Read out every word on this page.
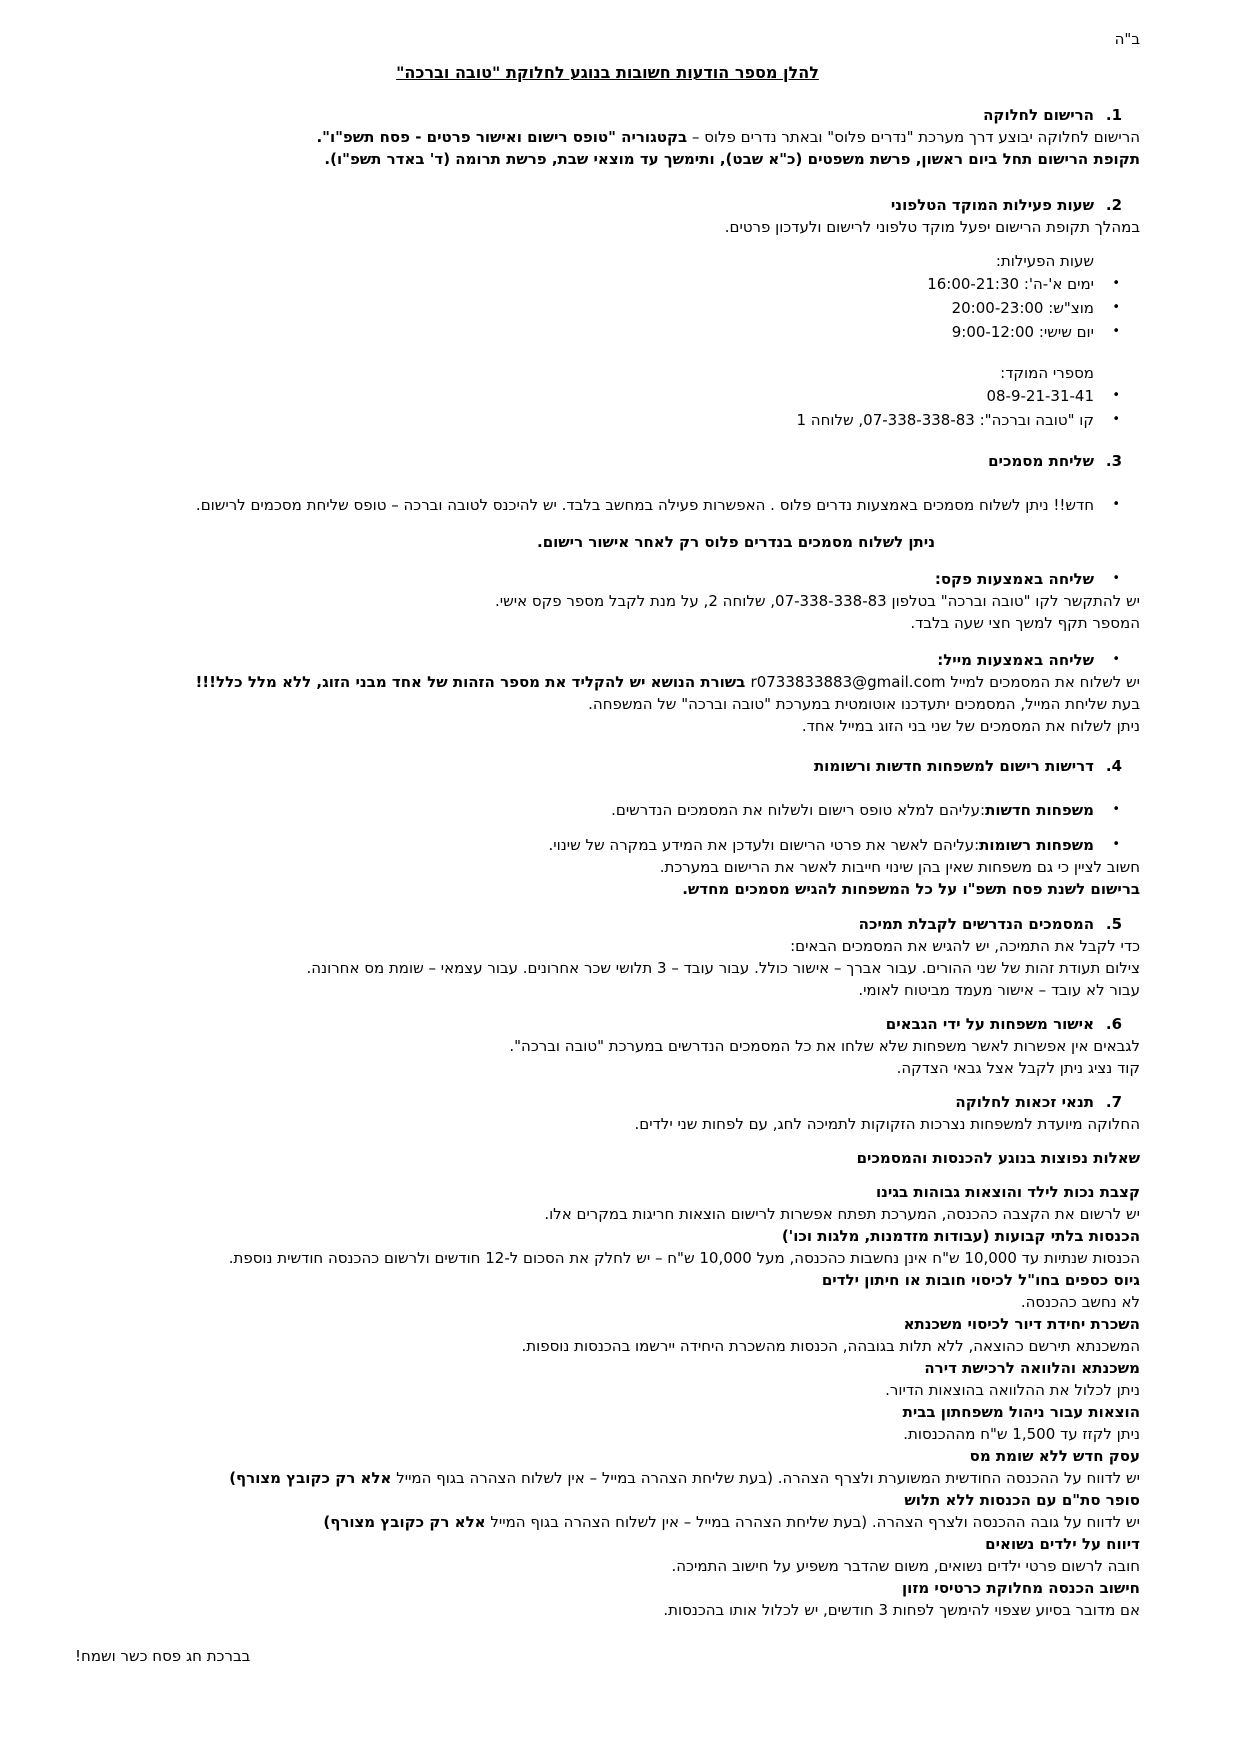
ב"ה
להלן מספר הודעות חשובות בנוגע לחלוקת "טובה וברכה"
1.
הרישום לחלוקה
הרישום לחלוקה יבוצע דרך מערכת "נדרים פלוס" ובאתר נדרים פלוס – בקטגוריה "טופס רישום ואישור פרטים - פסח תשפ"ו".
תקופת הרישום תחל ביום ראשון, פרשת משפטים (כ"א שבט), ותימשך עד מוצאי שבת, פרשת תרומה (ד' באדר תשפ"ו).
2.
שעות פעילות המוקד הטלפוני
במהלך תקופת הרישום יפעל מוקד טלפוני לרישום ולעדכון פרטים.
שעות הפעילות:
•
ימים א'-ה': 16:00-21:30
•
מוצ"ש: 20:00-23:00
•
יום שישי: 9:00-12:00
מספרי המוקד:
•
08-9-21-31-41
•
קו "טובה וברכה": 07-338-338-83, שלוחה 1
3.
שליחת מסמכים
•
חדש!! ניתן לשלוח מסמכים באמצעות נדרים פלוס . האפשרות פעילה במחשב בלבד. יש להיכנס לטובה וברכה – טופס שליחת מסכמים לרישום.
ניתן לשלוח מסמכים בנדרים פלוס רק לאחר אישור רישום.
•
שליחה באמצעות פקס:
יש להתקשר לקו "טובה וברכה" בטלפון 07-338-338-83, שלוחה 2, על מנת לקבל מספר פקס אישי.
המספר תקף למשך חצי שעה בלבד.
•
שליחה באמצעות מייל:
יש לשלוח את המסמכים למייל r0733833883@gmail.com בשורת הנושא יש להקליד את מספר הזהות של אחד מבני הזוג, ללא מלל כלל!!!
בעת שליחת המייל, המסמכים יתעדכנו אוטומטית במערכת "טובה וברכה" של המשפחה.
ניתן לשלוח את המסמכים של שני בני הזוג במייל אחד.
4.
דרישות רישום למשפחות חדשות ורשומות
•
משפחות חדשות:עליהם למלא טופס רישום ולשלוח את המסמכים הנדרשים.
•
משפחות רשומות:עליהם לאשר את פרטי הרישום ולעדכן את המידע במקרה של שינוי.
חשוב לציין כי גם משפחות שאין בהן שינוי חייבות לאשר את הרישום במערכת.
ברישום לשנת פסח תשפ"ו על כל המשפחות להגיש מסמכים מחדש.
5.
המסמכים הנדרשים לקבלת תמיכה
כדי לקבל את התמיכה, יש להגיש את המסמכים הבאים:
צילום תעודת זהות של שני ההורים. עבור אברך – אישור כולל. עבור עובד – 3 תלושי שכר אחרונים. עבור עצמאי – שומת מס אחרונה.
עבור לא עובד – אישור מעמד מביטוח לאומי.
6.
אישור משפחות על ידי הגבאים
לגבאים אין אפשרות לאשר משפחות שלא שלחו את כל המסמכים הנדרשים במערכת "טובה וברכה".
קוד נציג ניתן לקבל אצל גבאי הצדקה.
7.
תנאי זכאות לחלוקה
החלוקה מיועדת למשפחות נצרכות הזקוקות לתמיכה לחג, עם לפחות שני ילדים.
שאלות נפוצות בנוגע להכנסות והמסמכים
קצבת נכות לילד והוצאות גבוהות בגינו
יש לרשום את הקצבה כהכנסה, המערכת תפתח אפשרות לרישום הוצאות חריגות במקרים אלו.
הכנסות בלתי קבועות (עבודות מזדמנות, מלגות וכו')
הכנסות שנתיות עד 10,000 ש"ח אינן נחשבות כהכנסה, מעל 10,000 ש"ח – יש לחלק את הסכום ל-12 חודשים ולרשום כהכנסה חודשית נוספת.
גיוס כספים בחו"ל לכיסוי חובות או חיתון ילדים
לא נחשב כהכנסה.
השכרת יחידת דיור לכיסוי משכנתא
המשכנתא תירשם כהוצאה, ללא תלות בגובהה, הכנסות מהשכרת היחידה יירשמו בהכנסות נוספות.
משכנתא והלוואה לרכישת דירה
ניתן לכלול את ההלוואה בהוצאות הדיור.
הוצאות עבור ניהול משפחתון בבית
ניתן לקזז עד 1,500 ש"ח מההכנסות.
עסק חדש ללא שומת מס
יש לדווח על ההכנסה החודשית המשוערת ולצרף הצהרה. (בעת שליחת הצהרה במייל – אין לשלוח הצהרה בגוף המייל אלא רק כקובץ מצורף)
סופר סת"ם עם הכנסות ללא תלוש
יש לדווח על גובה ההכנסה ולצרף הצהרה. (בעת שליחת הצהרה במייל – אין לשלוח הצהרה בגוף המייל אלא רק כקובץ מצורף)
דיווח על ילדים נשואים
חובה לרשום פרטי ילדים נשואים, משום שהדבר משפיע על חישוב התמיכה.
חישוב הכנסה מחלוקת כרטיסי מזון
אם מדובר בסיוע שצפוי להימשך לפחות 3 חודשים, יש לכלול אותו בהכנסות.
בברכת חג פסח כשר ושמח!
